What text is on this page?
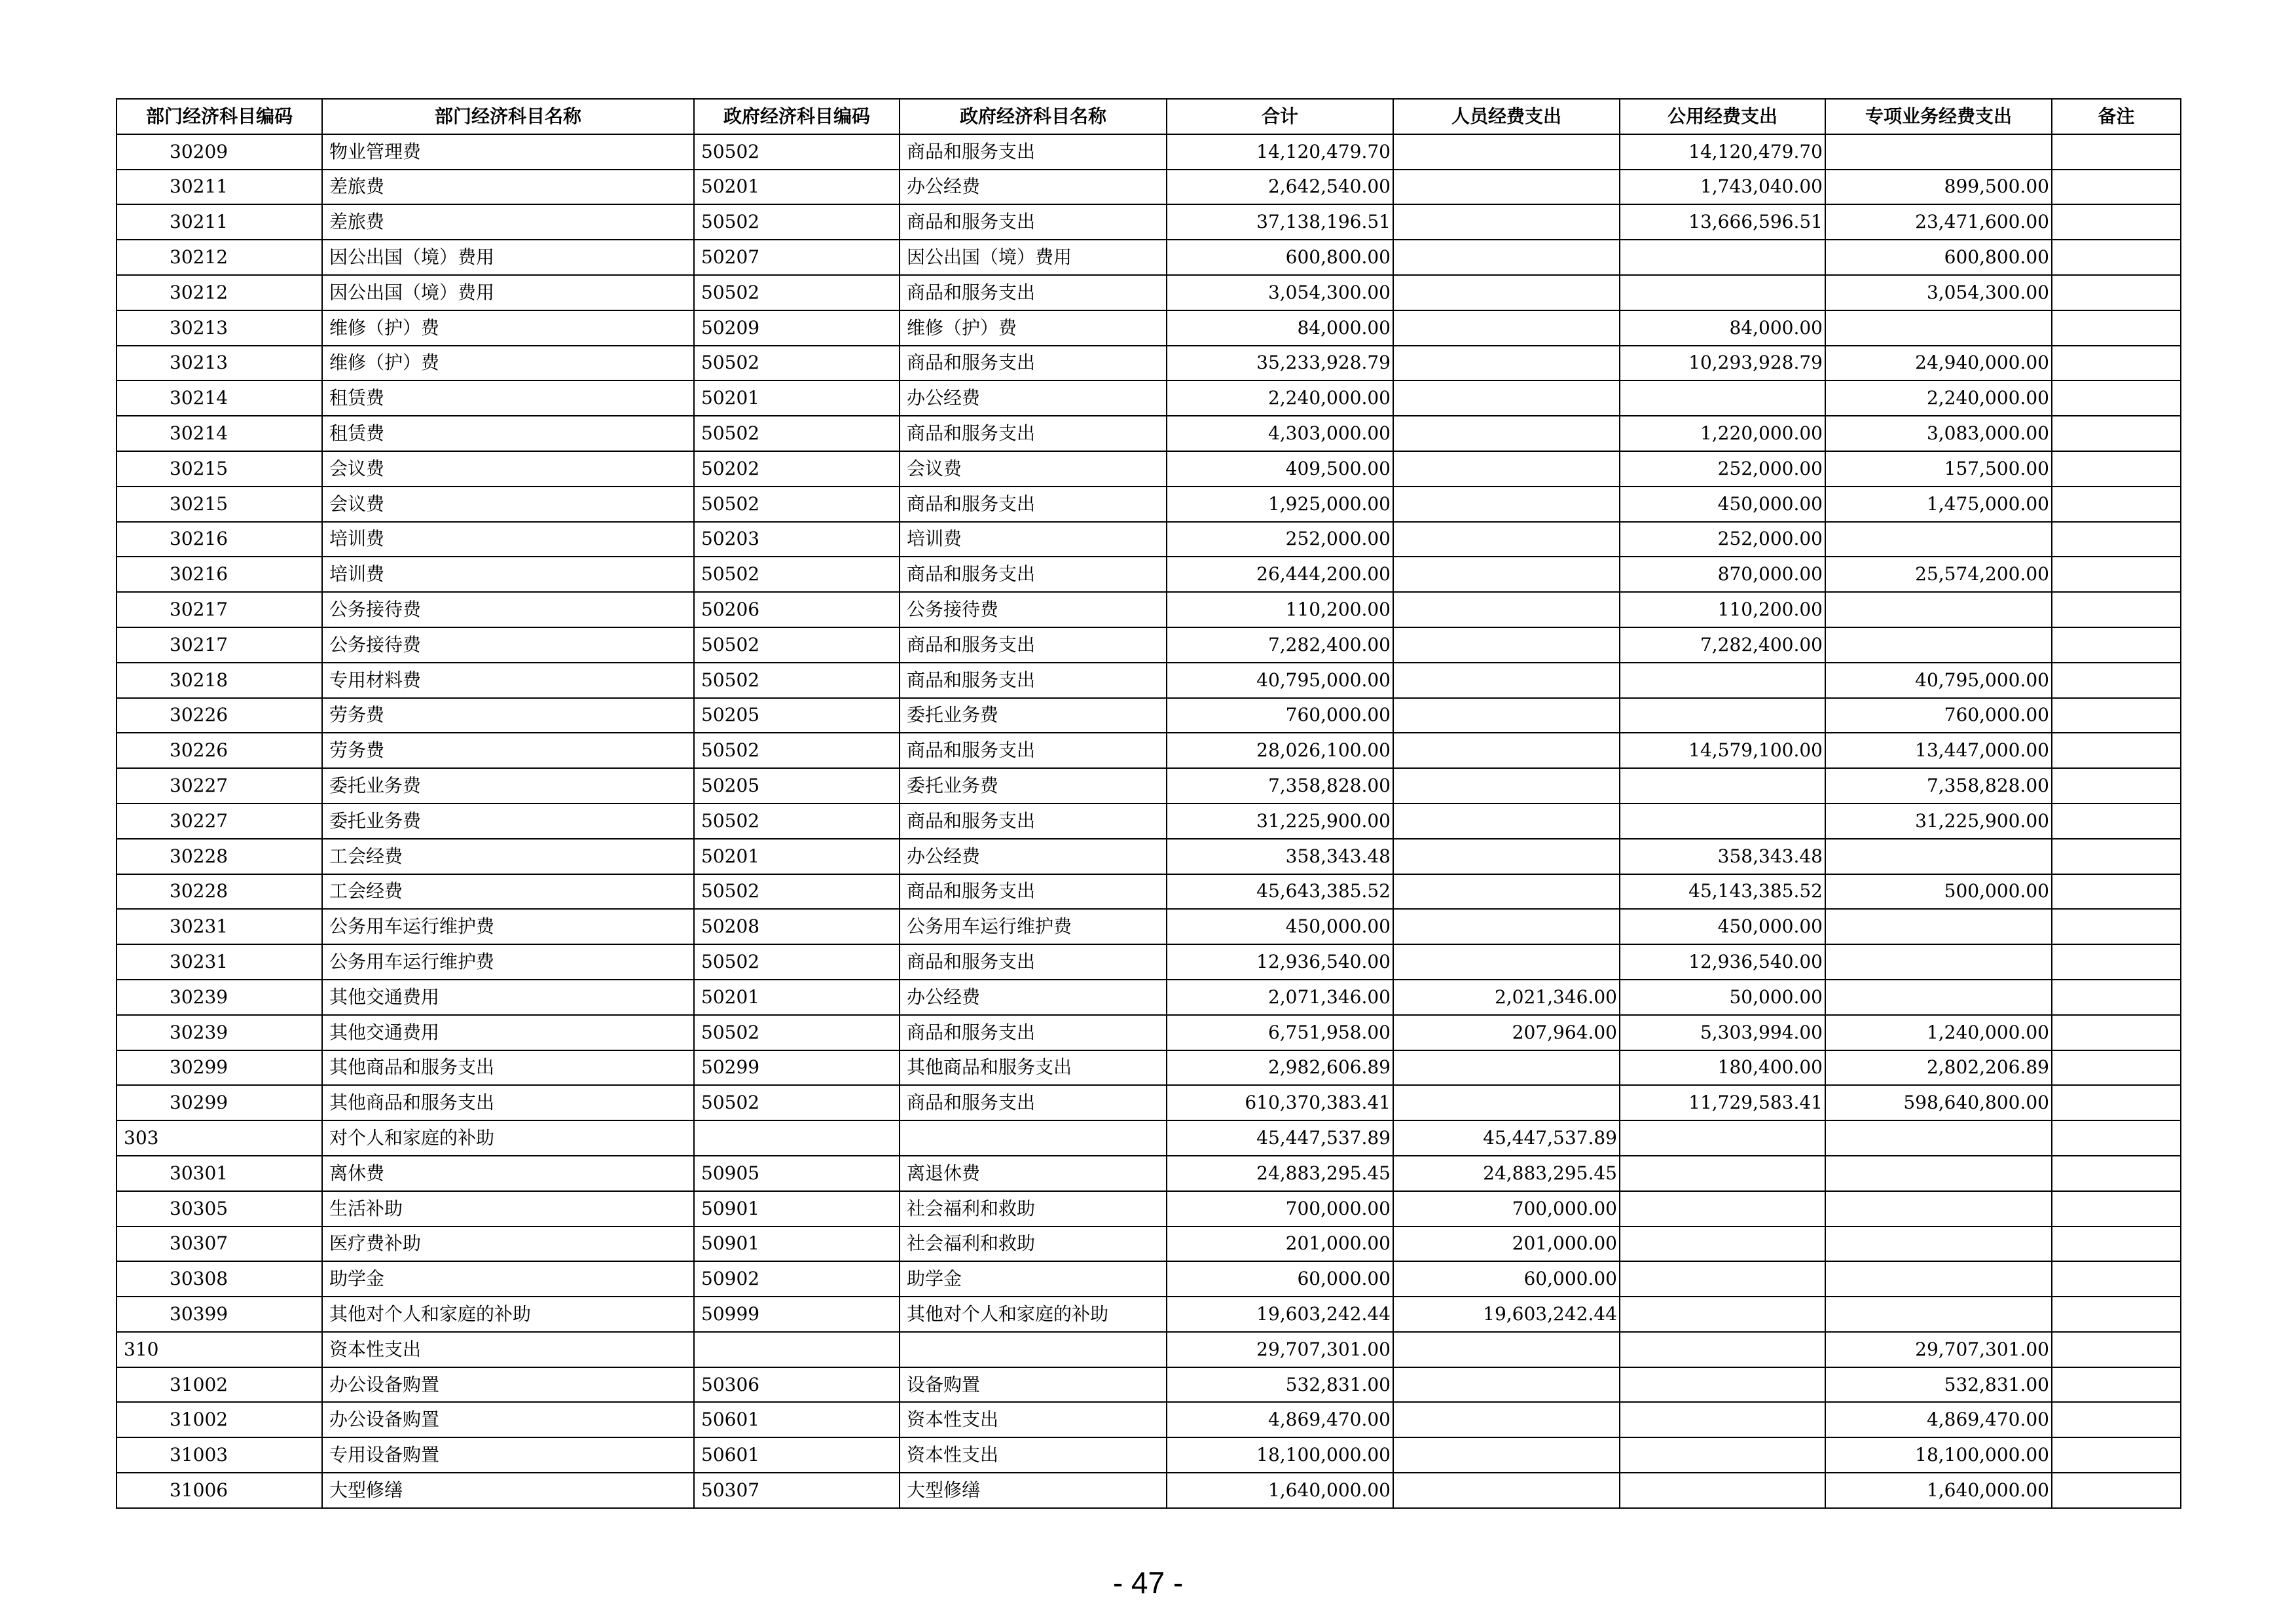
部门经济科目编码	部门经济科目名称	政府经济科目编码	政府经济科目名称	合计	人员经费支出	公用经费支出	专项业务经费支出	备注
30209	物业管理费	50502	商品和服务支出	14,120,479.70		14,120,479.70		
30211	差旅费	50201	办公经费	2,642,540.00		1,743,040.00	899,500.00	
30211	差旅费	50502	商品和服务支出	37,138,196.51		13,666,596.51	23,471,600.00	
30212	因公出国（境）费用	50207	因公出国（境）费用	600,800.00			600,800.00	
30212	因公出国（境）费用	50502	商品和服务支出	3,054,300.00			3,054,300.00	
30213	维修（护）费	50209	维修（护）费	84,000.00		84,000.00		
30213	维修（护）费	50502	商品和服务支出	35,233,928.79		10,293,928.79	24,940,000.00	
30214	租赁费	50201	办公经费	2,240,000.00			2,240,000.00	
30214	租赁费	50502	商品和服务支出	4,303,000.00		1,220,000.00	3,083,000.00	
30215	会议费	50202	会议费	409,500.00		252,000.00	157,500.00	
30215	会议费	50502	商品和服务支出	1,925,000.00		450,000.00	1,475,000.00	
30216	培训费	50203	培训费	252,000.00		252,000.00		
30216	培训费	50502	商品和服务支出	26,444,200.00		870,000.00	25,574,200.00	
30217	公务接待费	50206	公务接待费	110,200.00		110,200.00		
30217	公务接待费	50502	商品和服务支出	7,282,400.00		7,282,400.00		
30218	专用材料费	50502	商品和服务支出	40,795,000.00			40,795,000.00	
30226	劳务费	50205	委托业务费	760,000.00			760,000.00	
30226	劳务费	50502	商品和服务支出	28,026,100.00		14,579,100.00	13,447,000.00	
30227	委托业务费	50205	委托业务费	7,358,828.00			7,358,828.00	
30227	委托业务费	50502	商品和服务支出	31,225,900.00			31,225,900.00	
30228	工会经费	50201	办公经费	358,343.48		358,343.48		
30228	工会经费	50502	商品和服务支出	45,643,385.52		45,143,385.52	500,000.00	
30231	公务用车运行维护费	50208	公务用车运行维护费	450,000.00		450,000.00		
30231	公务用车运行维护费	50502	商品和服务支出	12,936,540.00		12,936,540.00		
30239	其他交通费用	50201	办公经费	2,071,346.00	2,021,346.00	50,000.00		
30239	其他交通费用	50502	商品和服务支出	6,751,958.00	207,964.00	5,303,994.00	1,240,000.00	
30299	其他商品和服务支出	50299	其他商品和服务支出	2,982,606.89		180,400.00	2,802,206.89	
30299	其他商品和服务支出	50502	商品和服务支出	610,370,383.41		11,729,583.41	598,640,800.00	
303	对个人和家庭的补助			45,447,537.89	45,447,537.89			
30301	离休费	50905	离退休费	24,883,295.45	24,883,295.45			
30305	生活补助	50901	社会福利和救助	700,000.00	700,000.00			
30307	医疗费补助	50901	社会福利和救助	201,000.00	201,000.00			
30308	助学金	50902	助学金	60,000.00	60,000.00			
30399	其他对个人和家庭的补助	50999	其他对个人和家庭的补助	19,603,242.44	19,603,242.44			
310	资本性支出			29,707,301.00			29,707,301.00	
31002	办公设备购置	50306	设备购置	532,831.00			532,831.00	
31002	办公设备购置	50601	资本性支出	4,869,470.00			4,869,470.00	
31003	专用设备购置	50601	资本性支出	18,100,000.00			18,100,000.00	
31006	大型修缮	50307	大型修缮	1,640,000.00			1,640,000.00	
- 47 -
